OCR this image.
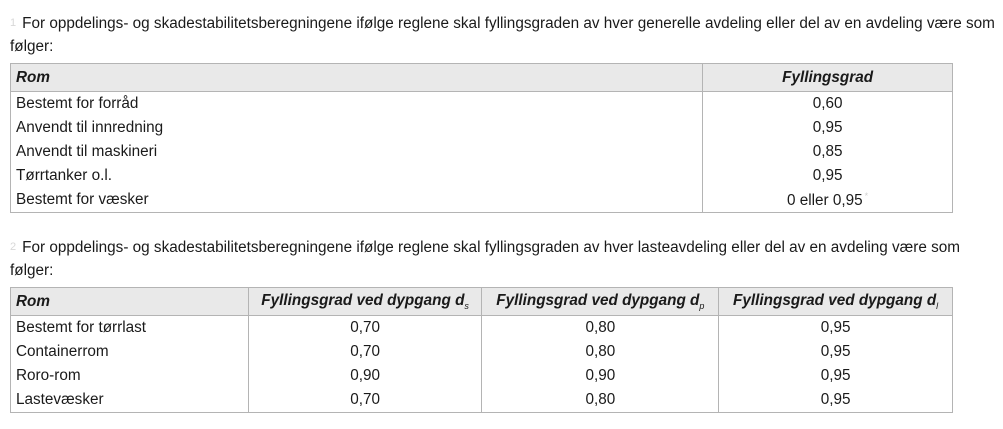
1 For oppdelings- og skadestabilitetsberegningene ifølge reglene skal fyllingsgraden av hver generelle avdeling eller del av en avdeling være som følger:
Rom	Fyllingsgrad
Bestemt for forråd	0,60
Anvendt til innredning	0,95
Anvendt til maskineri	0,85
Tørrtanker o.l.	0,95
Bestemt for væsker	0 eller 0,95 *
2 For oppdelings- og skadestabilitetsberegningene ifølge reglene skal fyllingsgraden av hver lasteavdeling eller del av en avdeling være som følger:
Rom	Fyllingsgrad ved dypgang $d_s$	Fyllingsgrad ved dypgang $d_p$	Fyllingsgrad ved dypgang $d_l$
Bestemt for tørrlast	0,70	0,80	0,95
Containerrom	0,70	0,80	0,95
Roro-rom	0,90	0,90	0,95
Lastevæsker	0,70	0,80	0,95
